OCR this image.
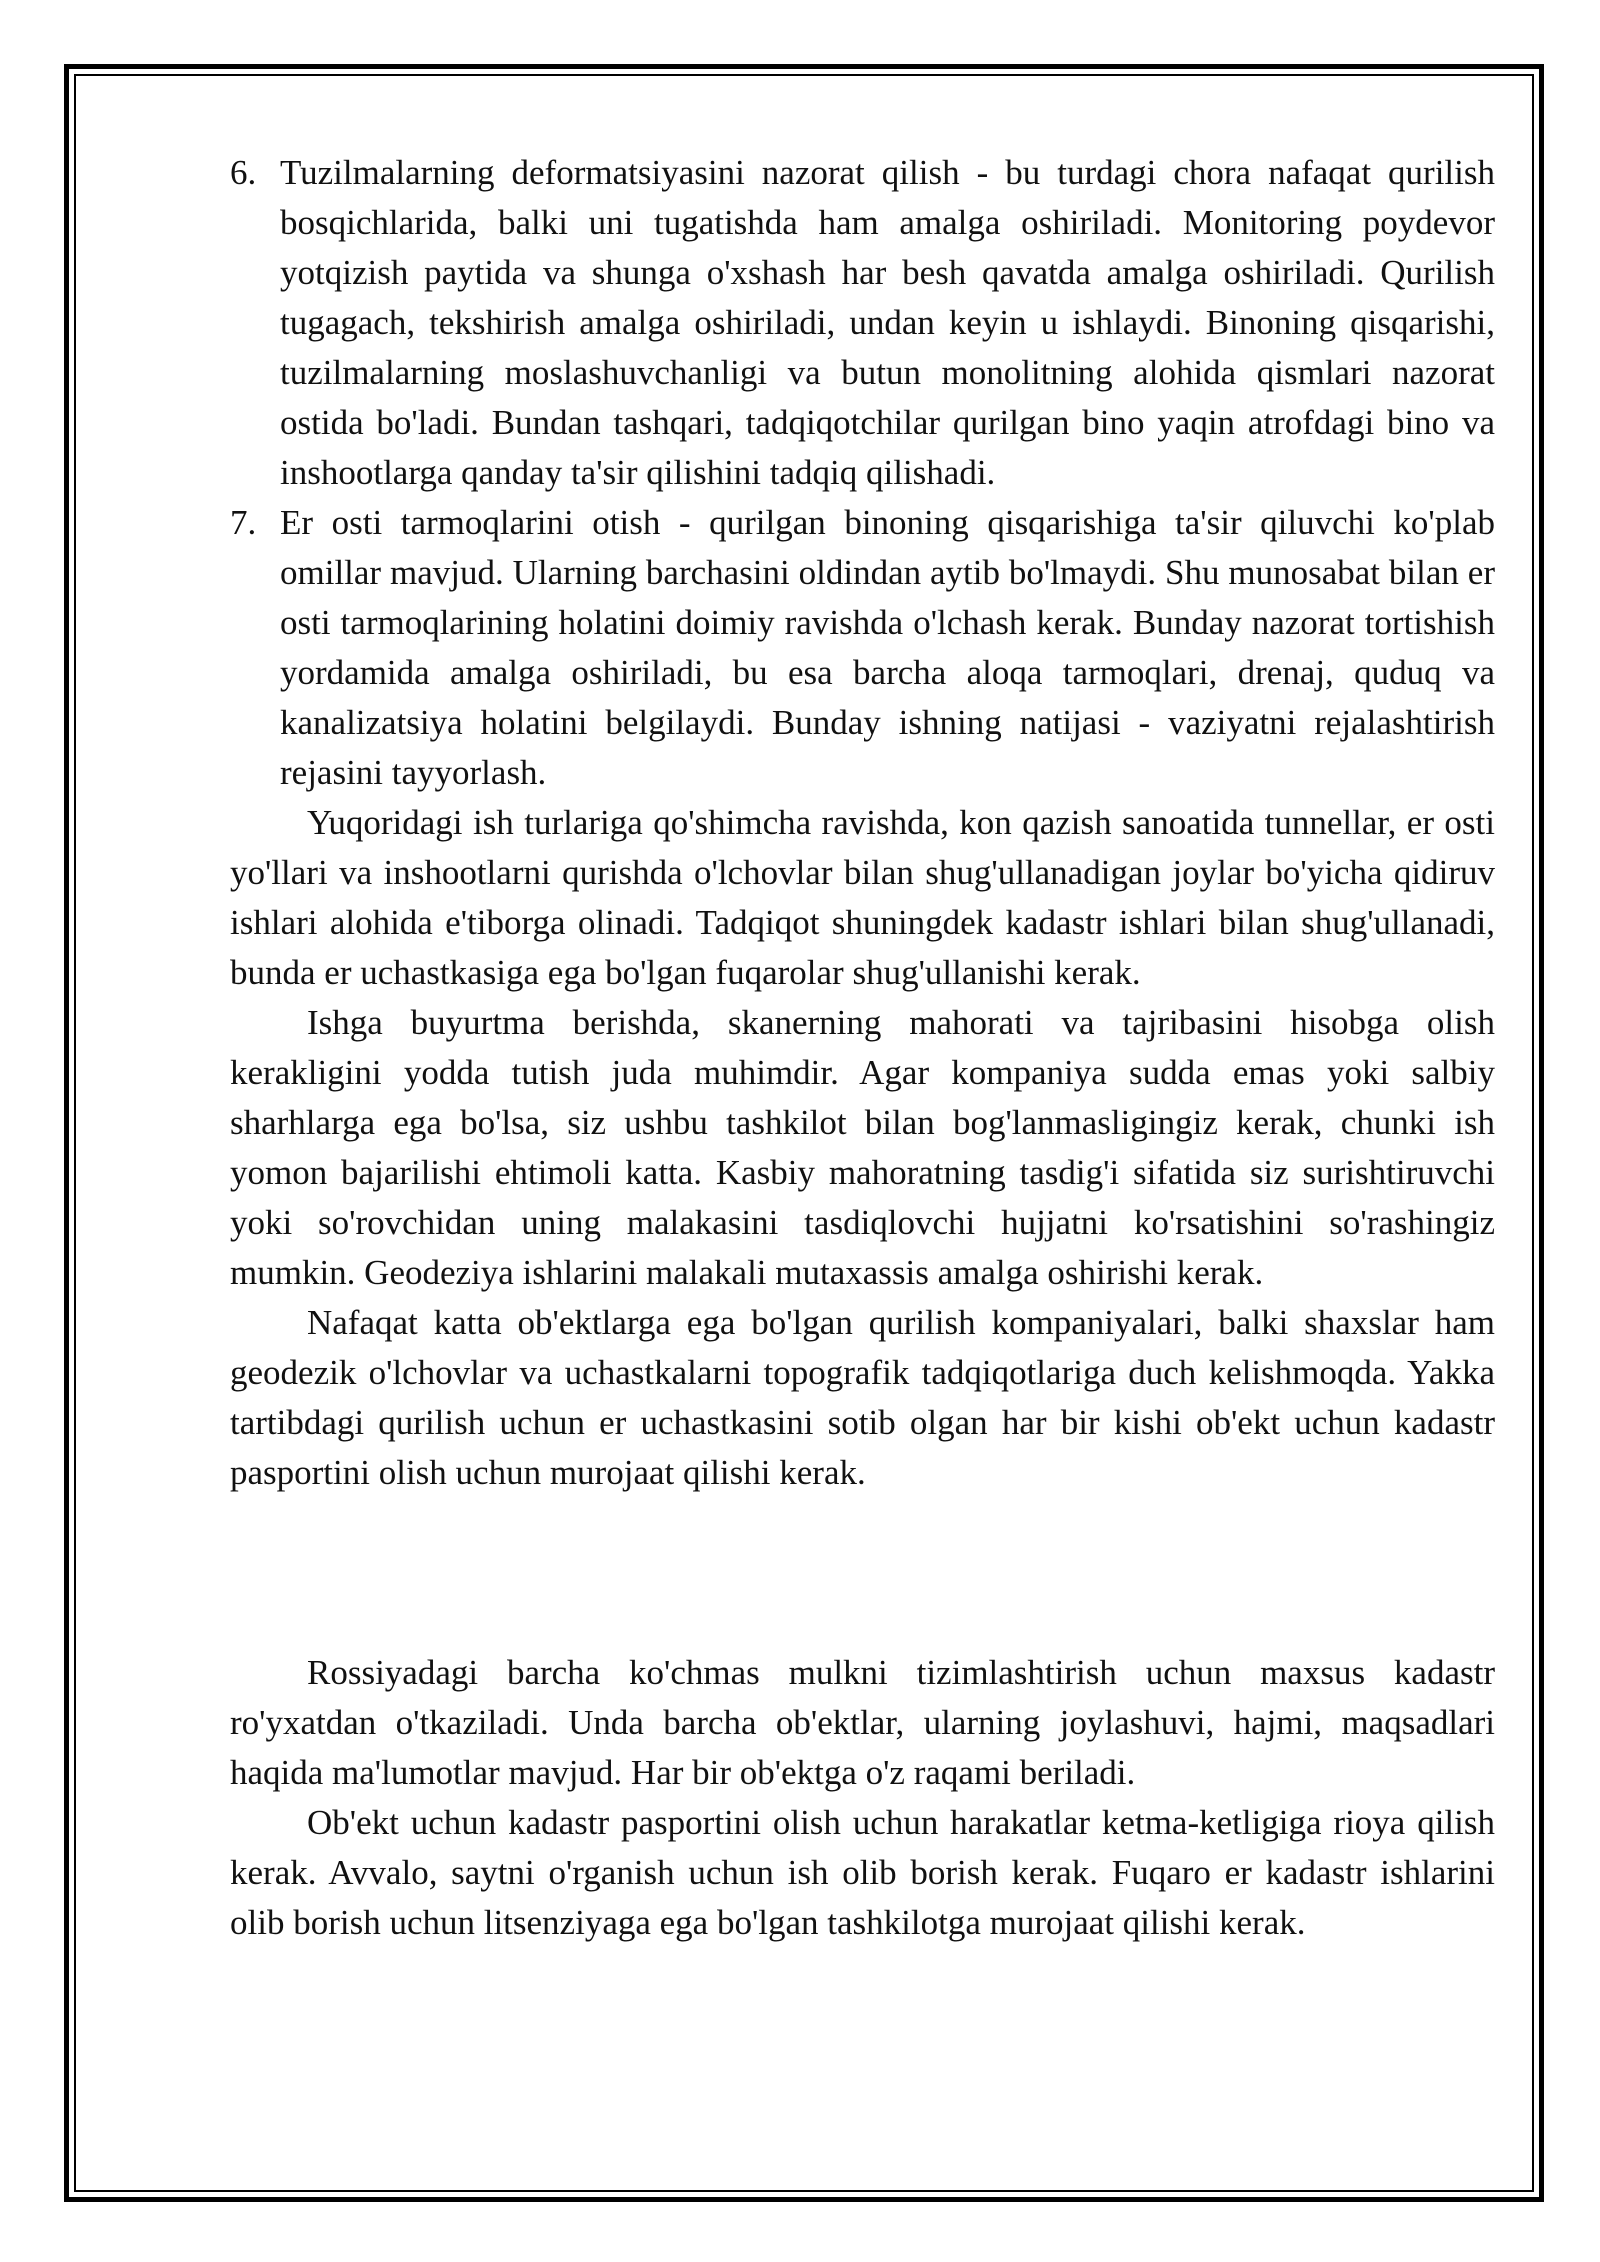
6. Tuzilmalarning deformatsiyasini nazorat qilish - bu turdagi chora nafaqat qurilish bosqichlarida, balki uni tugatishda ham amalga oshiriladi. Monitoring poydevor yotqizish paytida va shunga o'xshash har besh qavatda amalga oshiriladi. Qurilish tugagach, tekshirish amalga oshiriladi, undan keyin u ishlaydi. Binoning qisqarishi, tuzilmalarning moslashuvchanligi va butun monolitning alohida qismlari nazorat ostida bo'ladi. Bundan tashqari, tadqiqotchilar qurilgan bino yaqin atrofdagi bino va inshootlarga qanday ta'sir qilishini tadqiq qilishadi.
7. Er osti tarmoqlarini otish - qurilgan binoning qisqarishiga ta'sir qiluvchi ko'plab omillar mavjud. Ularning barchasini oldindan aytib bo'lmaydi. Shu munosabat bilan er osti tarmoqlarining holatini doimiy ravishda o'lchash kerak. Bunday nazorat tortishish yordamida amalga oshiriladi, bu esa barcha aloqa tarmoqlari, drenaj, quduq va kanalizatsiya holatini belgilaydi. Bunday ishning natijasi - vaziyatni rejalashtirish rejasini tayyorlash.

Yuqoridagi ish turlariga qo'shimcha ravishda, kon qazish sanoatida tunnellar, er osti yo'llari va inshootlarni qurishda o'lchovlar bilan shug'ullanadigan joylar bo'yicha qidiruv ishlari alohida e'tiborga olinadi. Tadqiqot shuningdek kadastr ishlari bilan shug'ullanadi, bunda er uchastkasiga ega bo'lgan fuqarolar shug'ullanishi kerak.

Ishga buyurtma berishda, skanerning mahorati va tajribasini hisobga olish kerakligini yodda tutish juda muhimdir. Agar kompaniya sudda emas yoki salbiy sharhlarga ega bo'lsa, siz ushbu tashkilot bilan bog'lanmasligingiz kerak, chunki ish yomon bajarilishi ehtimoli katta. Kasbiy mahoratning tasdig'i sifatida siz surishtiruvchi yoki so'rovchidan uning malakasini tasdiqlovchi hujjatni ko'rsatishini so'rashingiz mumkin. Geodeziya ishlarini malakali mutaxassis amalga oshirishi kerak.

Nafaqat katta ob'ektlarga ega bo'lgan qurilish kompaniyalari, balki shaxslar ham geodezik o'lchovlar va uchastkalarni topografik tadqiqotlariga duch kelishmoqda. Yakka tartibdagi qurilish uchun er uchastkasini sotib olgan har bir kishi ob'ekt uchun kadastr pasportini olish uchun murojaat qilishi kerak.

Rossiyadagi barcha ko'chmas mulkni tizimlashtirish uchun maxsus kadastr ro'yxatdan o'tkaziladi. Unda barcha ob'ektlar, ularning joylashuvi, hajmi, maqsadlari haqida ma'lumotlar mavjud. Har bir ob'ektga o'z raqami beriladi.

Ob'ekt uchun kadastr pasportini olish uchun harakatlar ketma-ketligiga rioya qilish kerak. Avvalo, saytni o'rganish uchun ish olib borish kerak. Fuqaro er kadastr ishlarini olib borish uchun litsenziyaga ega bo'lgan tashkilotga murojaat qilishi kerak.
